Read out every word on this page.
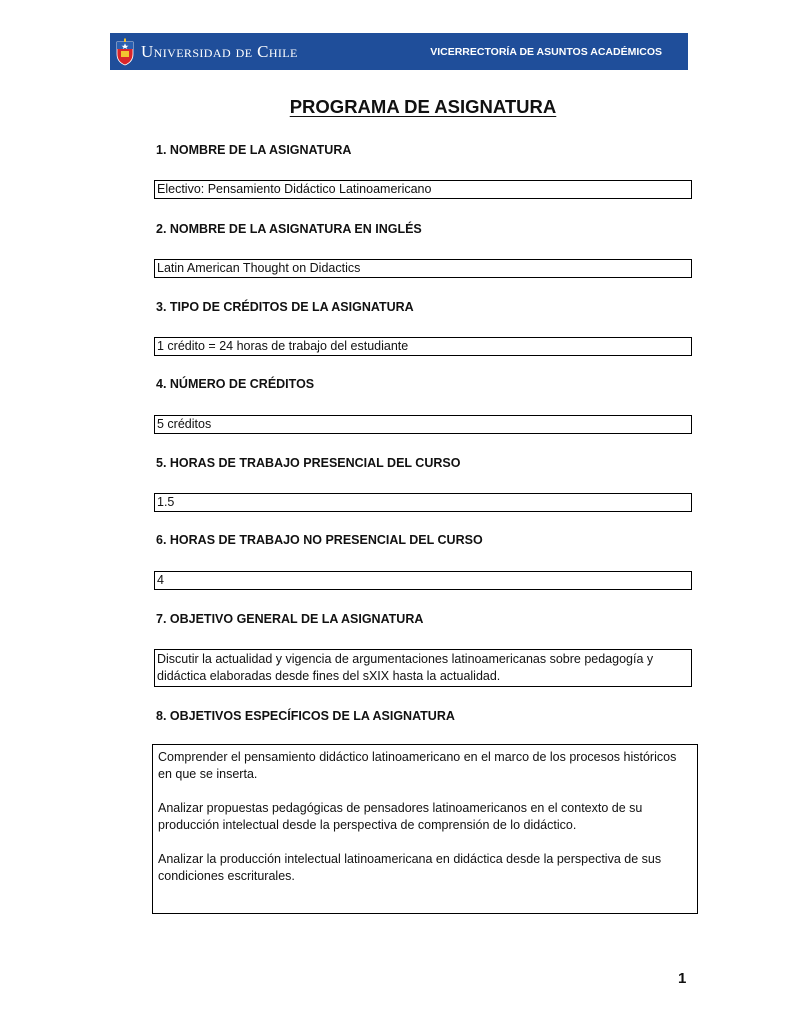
Universidad de Chile	VICERRECTORÍA DE ASUNTOS ACADÉMICOS
PROGRAMA DE ASIGNATURA
1. NOMBRE DE LA ASIGNATURA
Electivo: Pensamiento Didáctico Latinoamericano
2. NOMBRE DE LA ASIGNATURA EN INGLÉS
Latin American Thought on Didactics
3. TIPO DE CRÉDITOS DE LA ASIGNATURA
1 crédito = 24 horas de trabajo del estudiante
4. NÚMERO DE CRÉDITOS
5 créditos
5. HORAS DE TRABAJO PRESENCIAL DEL CURSO
1.5
6. HORAS DE TRABAJO NO PRESENCIAL DEL CURSO
4
7. OBJETIVO GENERAL DE LA ASIGNATURA
Discutir la actualidad y vigencia de argumentaciones latinoamericanas sobre pedagogía y didáctica elaboradas desde fines del sXIX hasta la actualidad.
8. OBJETIVOS ESPECÍFICOS DE LA ASIGNATURA

Comprender el pensamiento didáctico latinoamericano en el marco de los procesos históricos en que se inserta.

Analizar propuestas pedagógicas de pensadores latinoamericanos en el contexto de su producción intelectual desde la perspectiva de comprensión de lo didáctico.

Analizar la producción intelectual latinoamericana en didáctica desde la perspectiva de sus condiciones escriturales.

1
